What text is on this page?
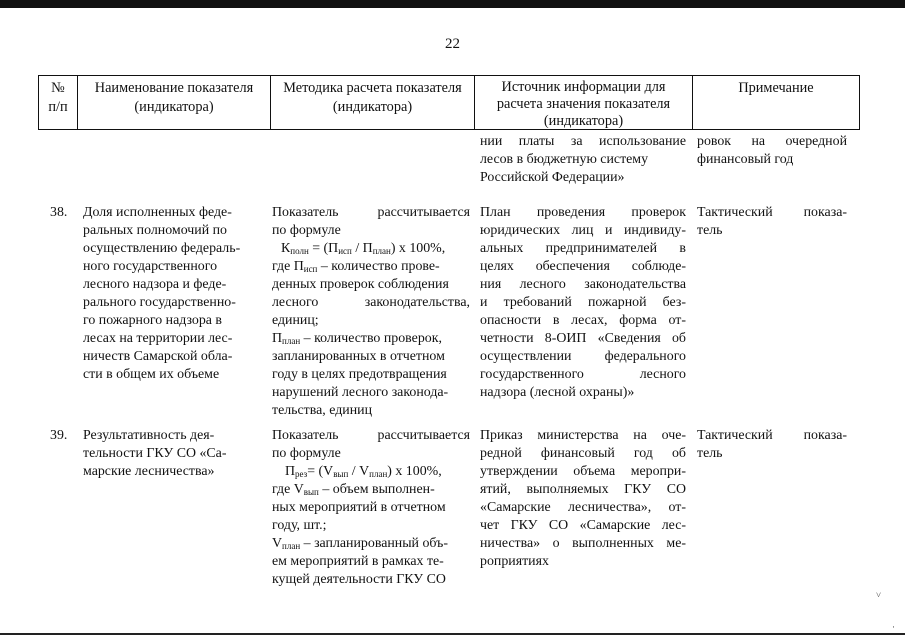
22
№
п/п
Наименование показателя
(индикатора)
Методика расчета показателя
(индикатора)
Источник информации для
расчета значения показателя
(индикатора)
Примечание
нии платы за использование
лесов в бюджетную систему
Российской Федерации»
ровок на очередной
финансовый год
38. Доля исполненных феде-
ральных полномочий по
осуществлению федераль-
ного государственного
лесного надзора и феде-
рального государственно-
го пожарного надзора в
лесах на территории лес-
ничеств Самарской обла-
сти в общем их объеме
Показатель рассчитывается
по формуле
$К_{полн} = (П_{исп} / П_{план})$ х 100%,
где $П_{исп}$ – количество прове-
денных проверок соблюдения
лесного законодательства,
единиц;
$П_{план}$ – количество проверок,
запланированных в отчетном
году в целях предотвращения
нарушений лесного законода-
тельства, единиц
План проведения проверок
юридических лиц и индивиду-
альных предпринимателей в
целях обеспечения соблюде-
ния лесного законодательства
и требований пожарной без-
опасности в лесах, форма от-
четности 8-ОИП «Сведения об
осуществлении федерального
государственного лесного
надзора (лесной охраны)»
Тактический показа-
тель
39. Результативность дея-
тельности ГКУ СО «Са-
марские лесничества»
Показатель рассчитывается
по формуле
$П_{рез}= (V_{вып} / V_{план})$ х 100%,
где $V_{вып}$ – объем выполнен-
ных мероприятий в отчетном
году, шт.;
$V_{план}$ – запланированный объ-
ем мероприятий в рамках те-
кущей деятельности ГКУ СО
Приказ министерства на оче-
редной финансовый год об
утверждении объема меропри-
ятий, выполняемых ГКУ СО
«Самарские лесничества», от-
чет ГКУ СО «Самарские лес-
ничества» о выполненных ме-
роприятиях
Тактический показа-
тель
˅
·
